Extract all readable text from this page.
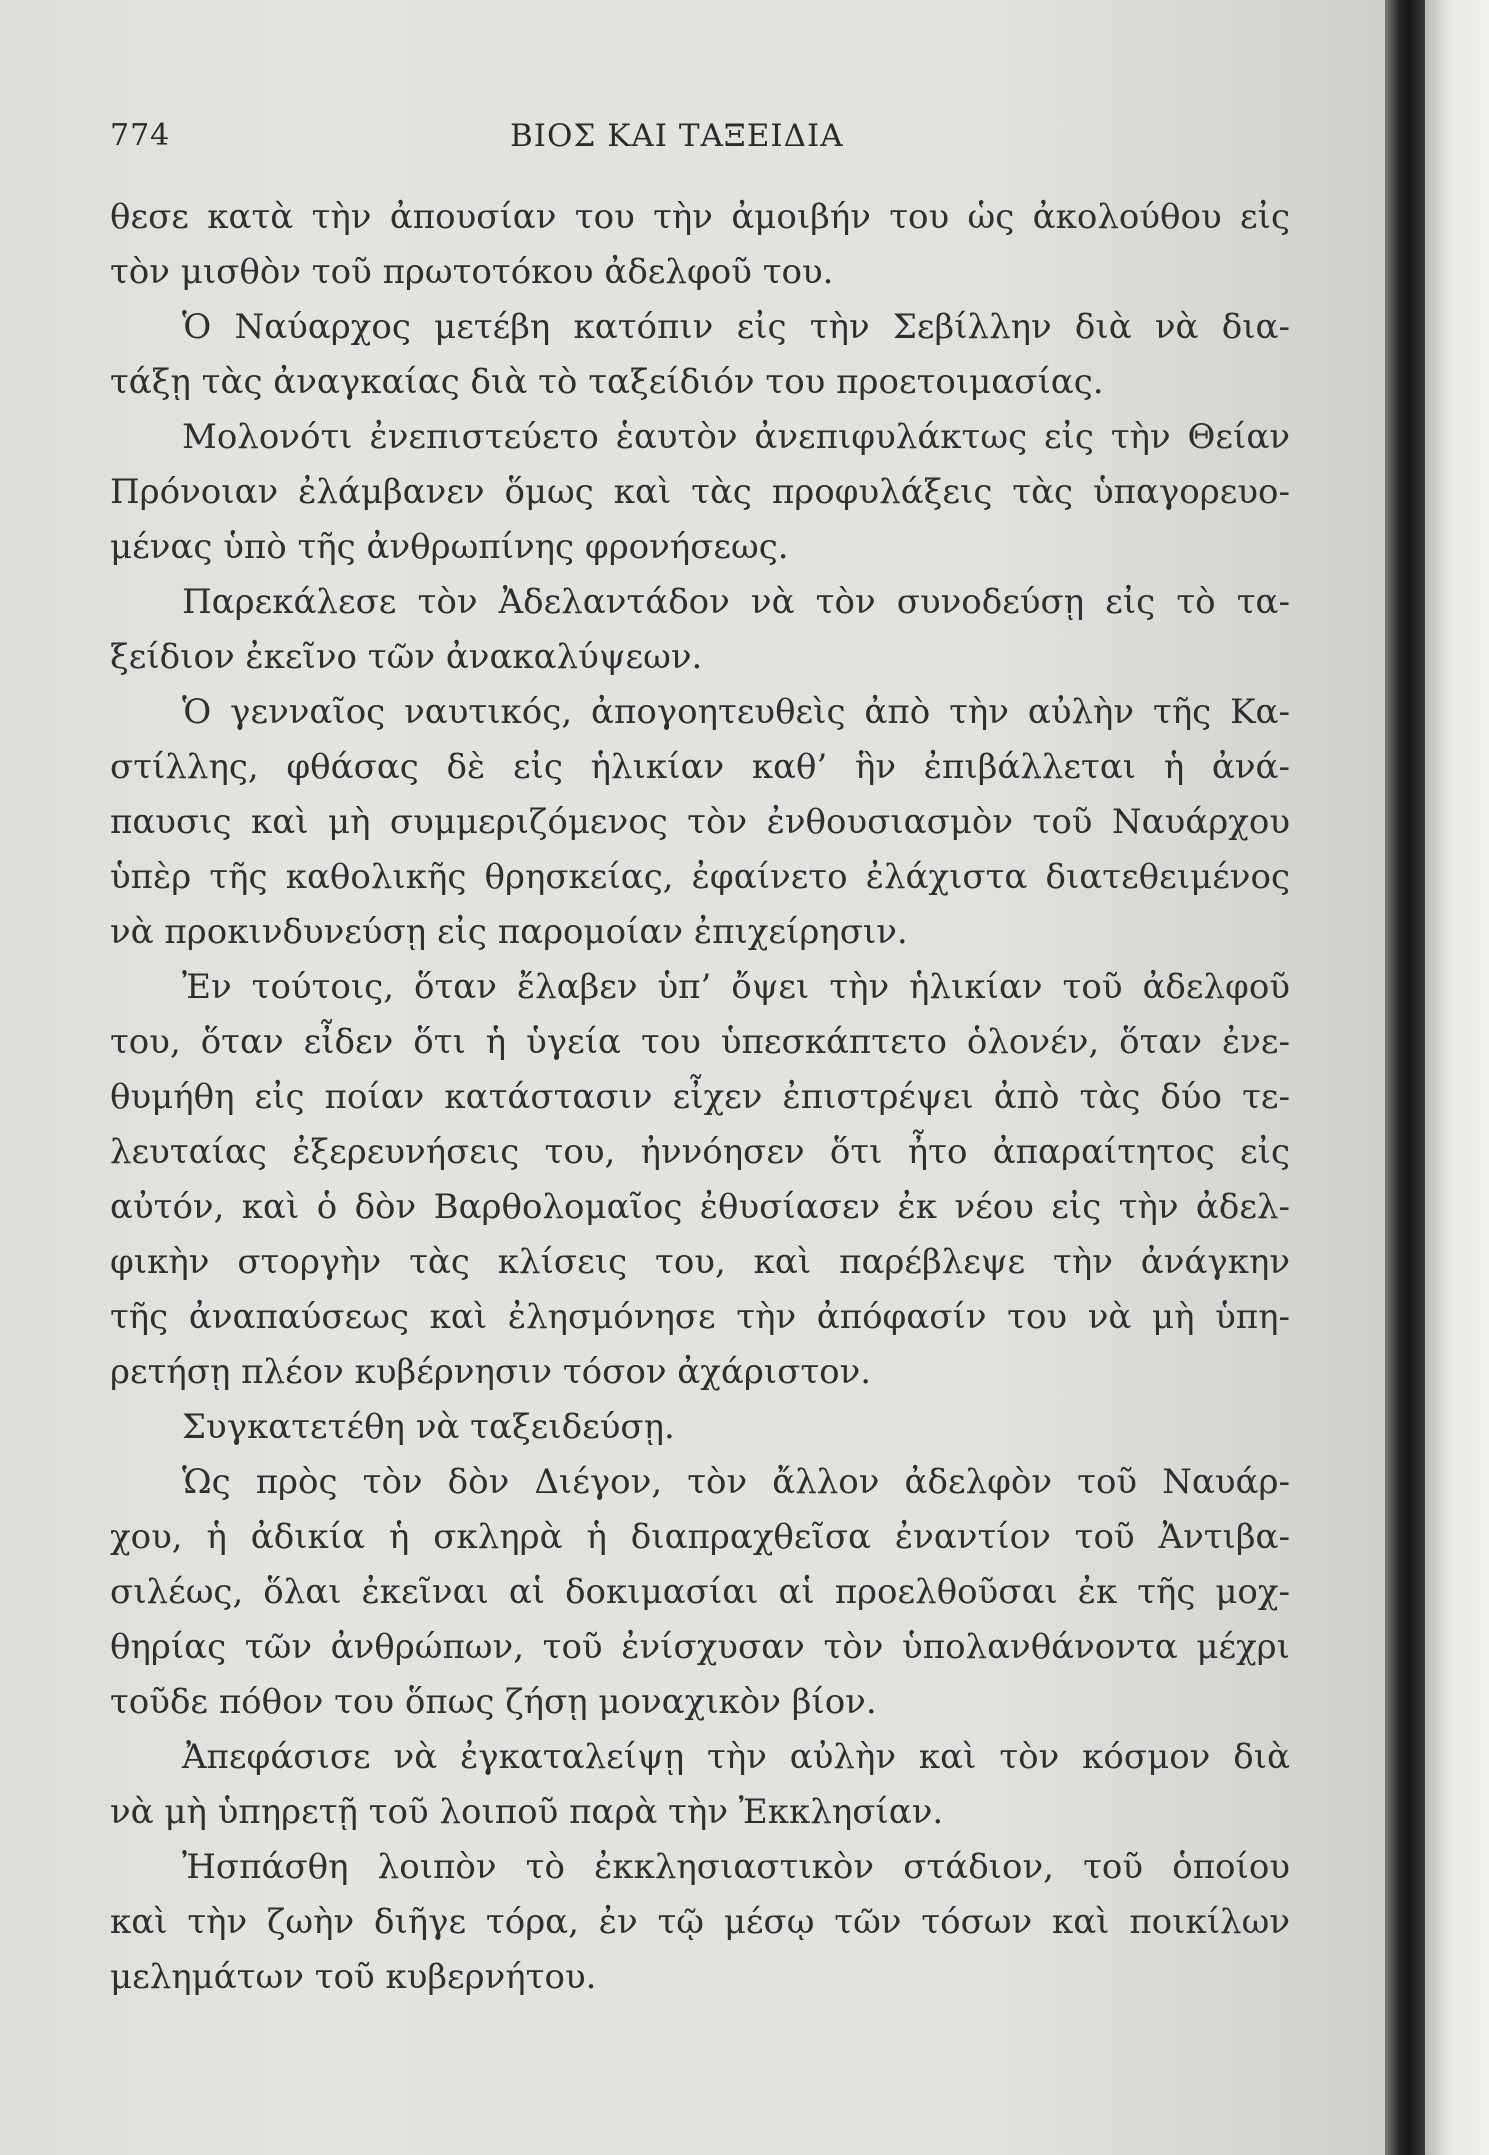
774	ΒΙΟΣ ΚΑΙ ΤΑΞΕΙΔΙΑ
θεσε κατὰ τὴν ἀπουσίαν του τὴν ἀμοιβήν του ὡς ἀκολούθου εἰς
τὸν μισθὸν τοῦ πρωτοτόκου ἀδελφοῦ του.
Ὁ Ναύαρχος μετέβη κατόπιν εἰς τὴν Σεβίλλην διὰ νὰ δια-
τάξῃ τὰς ἀναγκαίας διὰ τὸ ταξείδιόν του προετοιμασίας.
Μολονότι ἐνεπιστεύετο ἑαυτὸν ἀνεπιφυλάκτως εἰς τὴν Θείαν
Πρόνοιαν ἐλάμβανεν ὅμως καὶ τὰς προφυλάξεις τὰς ὑπαγορευο-
μένας ὑπὸ τῆς ἀνθρωπίνης φρονήσεως.
Παρεκάλεσε τὸν Ἀδελαντάδον νὰ τὸν συνοδεύσῃ εἰς τὸ τα-
ξείδιον ἐκεῖνο τῶν ἀνακαλύψεων.
Ὁ γενναῖος ναυτικός, ἀπογοητευθεὶς ἀπὸ τὴν αὐλὴν τῆς Κα-
στίλλης, φθάσας δὲ εἰς ἡλικίαν καθ’ ἣν ἐπιβάλλεται ἡ ἀνά-
παυσις καὶ μὴ συμμεριζόμενος τὸν ἐνθουσιασμὸν τοῦ Ναυάρχου
ὑπὲρ τῆς καθολικῆς θρησκείας, ἐφαίνετο ἐλάχιστα διατεθειμένος
νὰ προκινδυνεύσῃ εἰς παρομοίαν ἐπιχείρησιν.
Ἐν τούτοις, ὅταν ἔλαβεν ὑπ’ ὄψει τὴν ἡλικίαν τοῦ ἀδελφοῦ
του, ὅταν εἶδεν ὅτι ἡ ὑγεία του ὑπεσκάπτετο ὁλονέν, ὅταν ἐνε-
θυμήθη εἰς ποίαν κατάστασιν εἶχεν ἐπιστρέψει ἀπὸ τὰς δύο τε-
λευταίας ἐξερευνήσεις του, ἠννόησεν ὅτι ἦτο ἀπαραίτητος εἰς
αὐτόν, καὶ ὁ δὸν Βαρθολομαῖος ἐθυσίασεν ἐκ νέου εἰς τὴν ἀδελ-
φικὴν στοργὴν τὰς κλίσεις του, καὶ παρέβλεψε τὴν ἀνάγκην
τῆς ἀναπαύσεως καὶ ἐλησμόνησε τὴν ἀπόφασίν του νὰ μὴ ὑπη-
ρετήσῃ πλέον κυβέρνησιν τόσον ἀχάριστον.
Συγκατετέθη νὰ ταξειδεύσῃ.
Ὡς πρὸς τὸν δὸν Διέγον, τὸν ἄλλον ἀδελφὸν τοῦ Ναυάρ-
χου, ἡ ἀδικία ἡ σκληρὰ ἡ διαπραχθεῖσα ἐναντίον τοῦ Ἀντιβα-
σιλέως, ὅλαι ἐκεῖναι αἱ δοκιμασίαι αἱ προελθοῦσαι ἐκ τῆς μοχ-
θηρίας τῶν ἀνθρώπων, τοῦ ἐνίσχυσαν τὸν ὑπολανθάνοντα μέχρι
τοῦδε πόθον του ὅπως ζήσῃ μοναχικὸν βίον.
Ἀπεφάσισε νὰ ἐγκαταλείψῃ τὴν αὐλὴν καὶ τὸν κόσμον διὰ
νὰ μὴ ὑπηρετῇ τοῦ λοιποῦ παρὰ τὴν Ἐκκλησίαν.
Ἠσπάσθη λοιπὸν τὸ ἐκκλησιαστικὸν στάδιον, τοῦ ὁποίου
καὶ τὴν ζωὴν διῆγε τόρα, ἐν τῷ μέσῳ τῶν τόσων καὶ ποικίλων
μελημάτων τοῦ κυβερνήτου.
